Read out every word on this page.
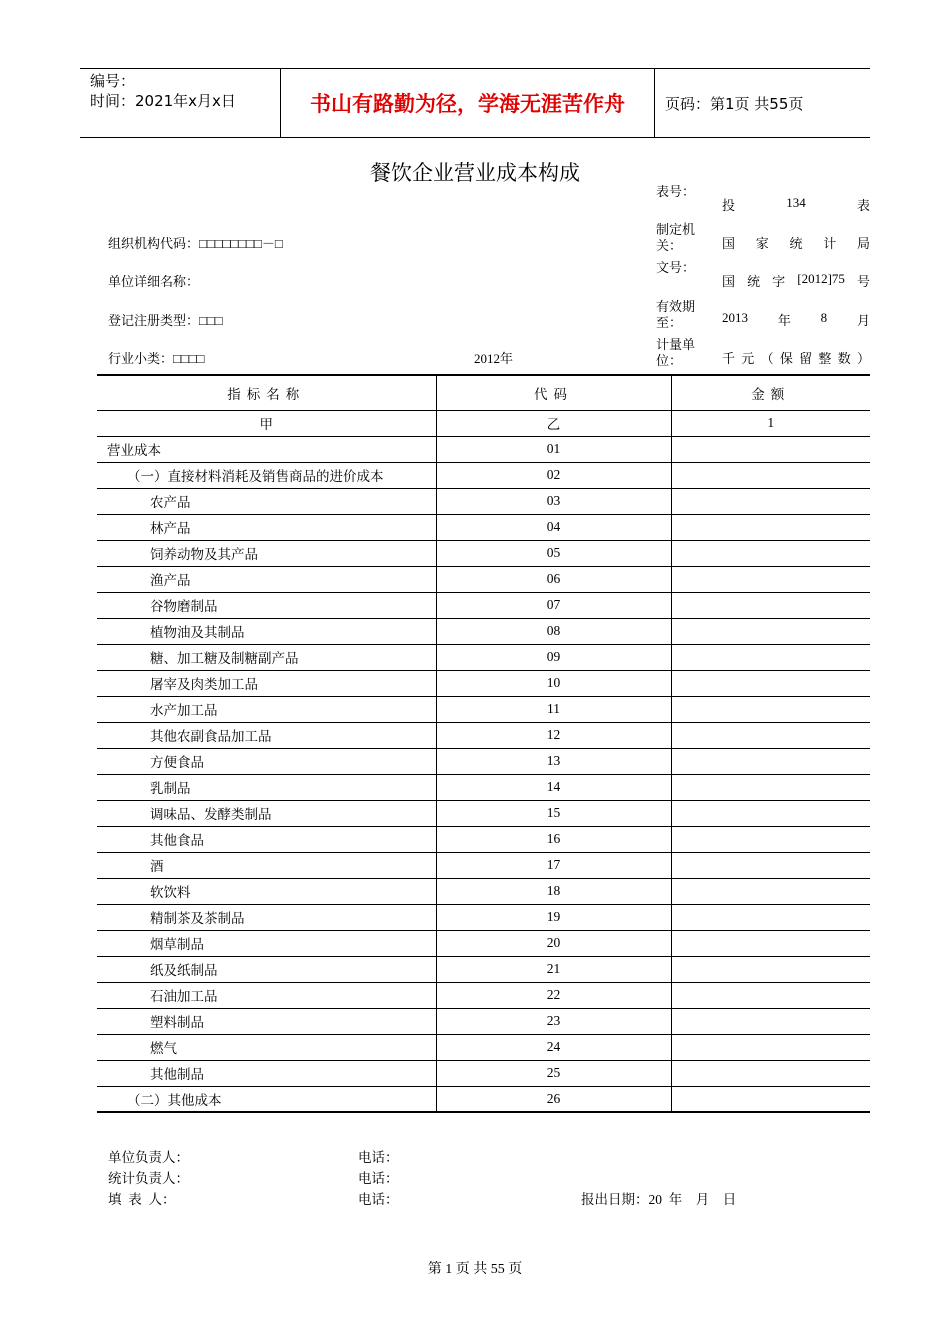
编号：
时间：2021年x月x日	书山有路勤为径，学海无涯苦作舟	页码：第1页 共55页
餐饮企业营业成本构成
组织机构代码：□□□□□□□□－□
单位详细名称：
登记注册类型：□□□
行业小类：□□□□	2012年
表号：
投	134	表
制定机关：	国 家 统 计 局
文号：
国 统 字 [2012]75 号
有效期至：	2013 年 8 月
计量单位：	千 元 （ 保 留 整 数 ）
指标名称	代码	金额
甲	乙	1
营业成本	01	
（一）直接材料消耗及销售商品的进价成本	02	
农产品	03	
林产品	04	
饲养动物及其产品	05	
渔产品	06	
谷物磨制品	07	
植物油及其制品	08	
糖、加工糖及制糖副产品	09	
屠宰及肉类加工品	10	
水产加工品	11	
其他农副食品加工品	12	
方便食品	13	
乳制品	14	
调味品、发酵类制品	15	
其他食品	16	
酒	17	
软饮料	18	
精制茶及茶制品	19	
烟草制品	20	
纸及纸制品	21	
石油加工品	22	
塑料制品	23	
燃气	24	
其他制品	25	
（二）其他成本	26	
单位负责人：	电话：
统计负责人：	电话：
填  表  人：	电话：	报出日期：20  年    月    日
第 1 页 共 55 页
